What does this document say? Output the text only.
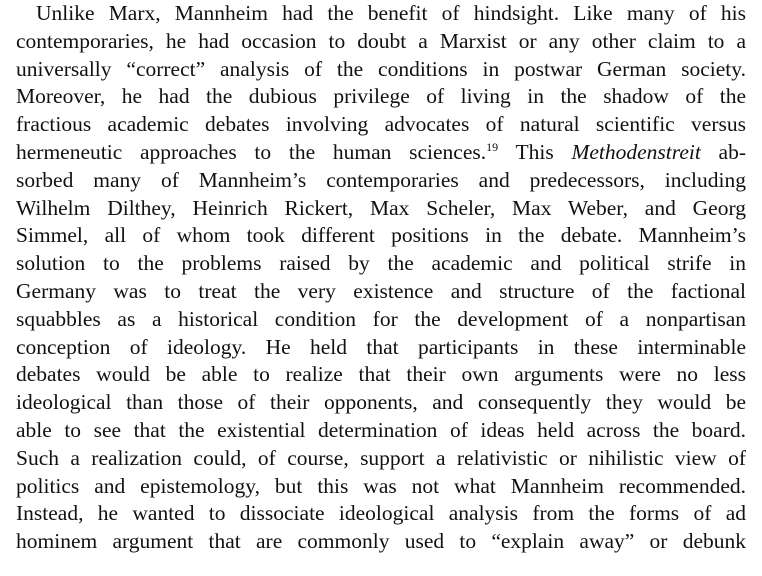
Unlike Marx, Mannheim had the benefit of hindsight. Like many of his
contemporaries, he had occasion to doubt a Marxist or any other claim to a
universally “correct” analysis of the conditions in postwar German society.
Moreover, he had the dubious privilege of living in the shadow of the
fractious academic debates involving advocates of natural scientific versus
hermeneutic approaches to the human sciences.$^{19}$ This Methodenstreit ab-
sorbed many of Mannheim’s contemporaries and predecessors, including
Wilhelm Dilthey, Heinrich Rickert, Max Scheler, Max Weber, and Georg
Simmel, all of whom took different positions in the debate. Mannheim’s
solution to the problems raised by the academic and political strife in
Germany was to treat the very existence and structure of the factional
squabbles as a historical condition for the development of a nonpartisan
conception of ideology. He held that participants in these interminable
debates would be able to realize that their own arguments were no less
ideological than those of their opponents, and consequently they would be
able to see that the existential determination of ideas held across the board.
Such a realization could, of course, support a relativistic or nihilistic view of
politics and epistemology, but this was not what Mannheim recommended.
Instead, he wanted to dissociate ideological analysis from the forms of ad
hominem argument that are commonly used to “explain away” or debunk
